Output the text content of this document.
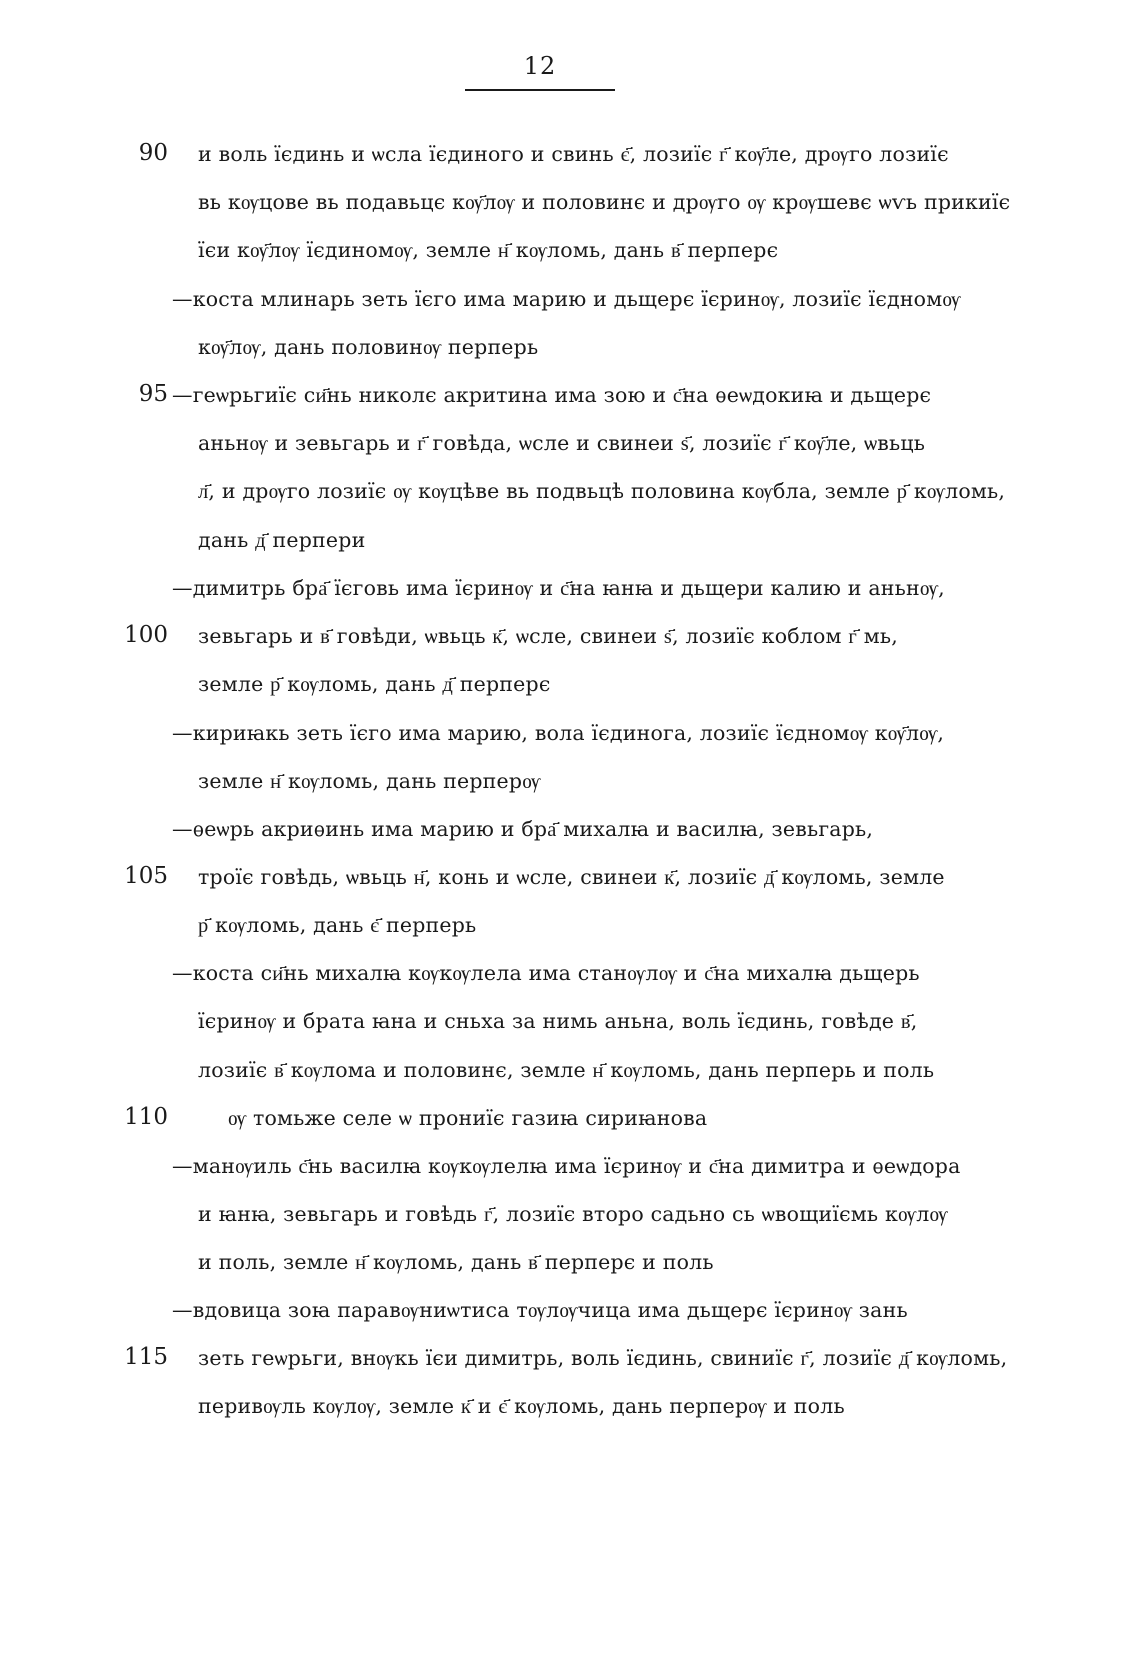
12
90 и воль їєдинь и ѡсла їєдиного и свинь є҃, лозиїє г҃ кѹ҃ле, дрѹго лозиїє
вь кѹцове вь подавьцє кѹ҃лѹ и половинє и дрѹго ѹ крѹшевє ѡѵь прикиїє
їєи кѹ҃лѹ їєдиномѹ, земле н҃ кѹломь, дань в҃ перперє
—коста млинарь зеть їєго има марию и дьщерє їєринѹ, лозиїє їєдномѹ
кѹ҃лѹ, дань половинѹ перперь
95 —геѡрьгиїє си҃нь николє акритина има зою и с҃на ѳеѡдокиꙗ и дьщерє
аньнѹ и зевьгарь и г҃ говѣда, ѡсле и свинеи ѕ҃, лозиїє г҃ кѹ҃ле, ѡвьць
л҃, и дрѹго лозиїє ѹ кѹцѣве вь подвьцѣ половина кѹбла, земле р҃ кѹломь,
дань д҃ перпери
—димитрь бра҃ їєговь има їєринѹ и с҃на ꙗнꙗ и дьщери калию и аньнѹ,
100 зевьгарь и в҃ говѣди, ѡвьць к҃, ѡсле, свинеи ѕ҃, лозиїє коблом г҃ мь,
земле р҃ кѹломь, дань д҃ перперє
—кириꙗкь зеть їєго има марию, вола їєдинога, лозиїє їєдномѹ кѹ҃лѹ,
земле н҃ кѹломь, дань перперѹ
—ѳеѡрь акриѳинь има марию и бра҃ михалꙗ и василꙗ, зевьгарь,
105 троїє говѣдь, ѡвьць н҃, конь и ѡсле, свинеи к҃, лозиїє д҃ кѹломь, земле
р҃ кѹломь, дань є҃ перперь
—коста си҃нь михалꙗ кѹкѹлела има станѹлѹ и с҃на михалꙗ дьщерь
їєринѹ и брата ꙗна и сньха за нимь аньна, воль їєдинь, говѣде в҃,
лозиїє в҃ кѹлома и половинє, земле н҃ кѹломь, дань перперь и поль
110	ѹ томьже селе ѡ прониїє газиꙗ сириꙗнова
—манѹиль с҃нь василꙗ кѹкѹлелꙗ има їєринѹ и с҃на димитра и ѳеѡдора
и ꙗнꙗ, зевьгарь и говѣдь г҃, лозиїє второ садьно сь ѡвощиїємь кѹлѹ
и поль, земле н҃ кѹломь, дань в҃ перперє и поль
—вдовица зоꙗ паравѹниѡтиса тѹлѹчица има дьщерє їєринѹ зань
115 зеть геѡрьги, внѹкь їєи димитрь, воль їєдинь, свиниїє г҃, лозиїє д҃ кѹломь,
перивѹль кѹлѹ, земле к҃ и є҃ кѹломь, дань перперѹ и поль
